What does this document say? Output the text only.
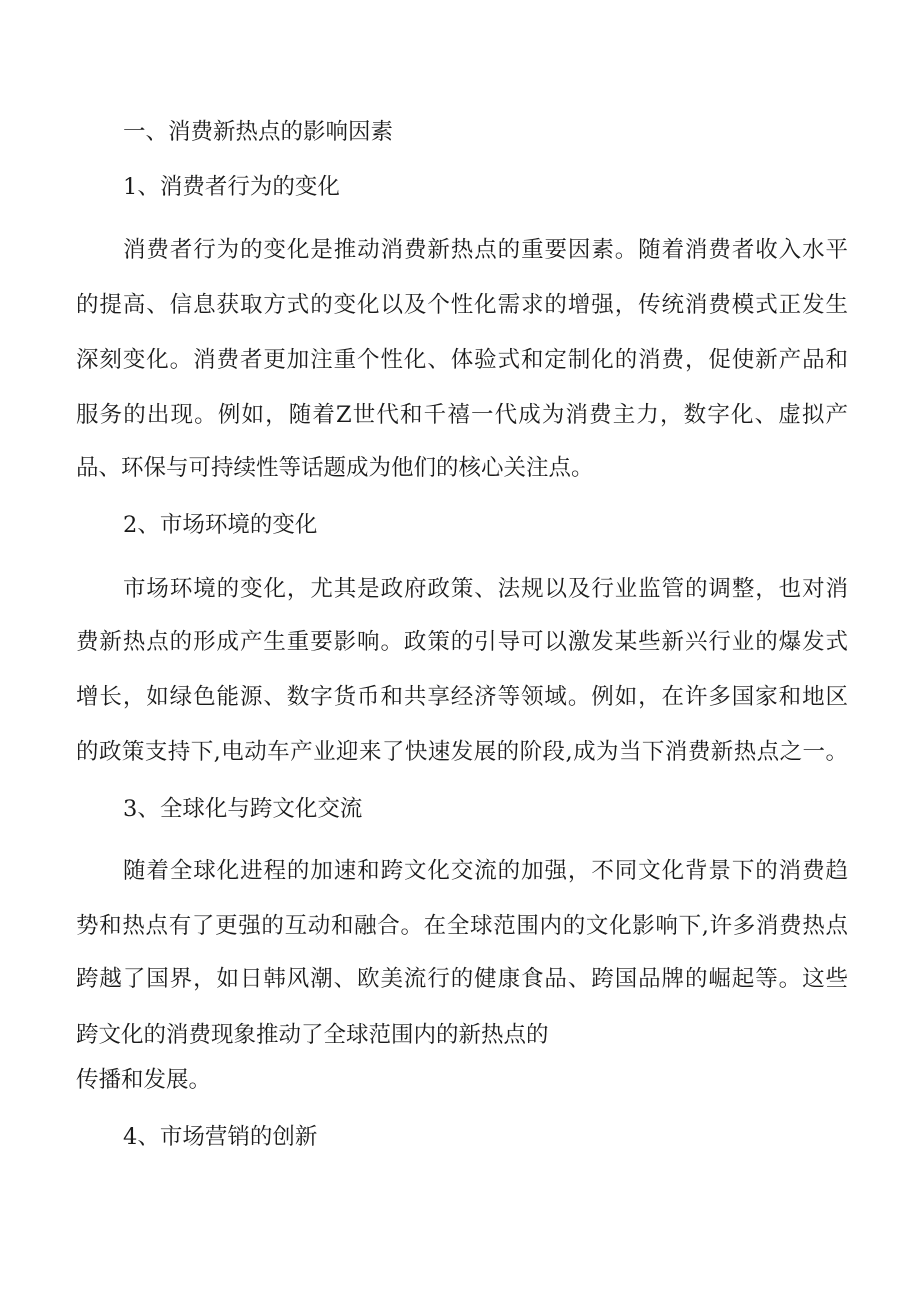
一、消费新热点的影响因素
1、消费者行为的变化
消费者行为的变化是推动消费新热点的重要因素。随着消费者收入水平
的提高、信息获取方式的变化以及个性化需求的增强，传统消费模式正发生
深刻变化。消费者更加注重个性化、体验式和定制化的消费，促使新产品和
服务的出现。例如，随着Z世代和千禧一代成为消费主力，数字化、虚拟产
品、环保与可持续性等话题成为他们的核心关注点。
2、市场环境的变化
市场环境的变化，尤其是政府政策、法规以及行业监管的调整，也对消
费新热点的形成产生重要影响。政策的引导可以激发某些新兴行业的爆发式
增长，如绿色能源、数字货币和共享经济等领域。例如，在许多国家和地区
的政策支持下,电动车产业迎来了快速发展的阶段,成为当下消费新热点之一。
3、全球化与跨文化交流
随着全球化进程的加速和跨文化交流的加强，不同文化背景下的消费趋
势和热点有了更强的互动和融合。在全球范围内的文化影响下,许多消费热点
跨越了国界，如日韩风潮、欧美流行的健康食品、跨国品牌的崛起等。这些
跨文化的消费现象推动了全球范围内的新热点的
传播和发展。
4、市场营销的创新
